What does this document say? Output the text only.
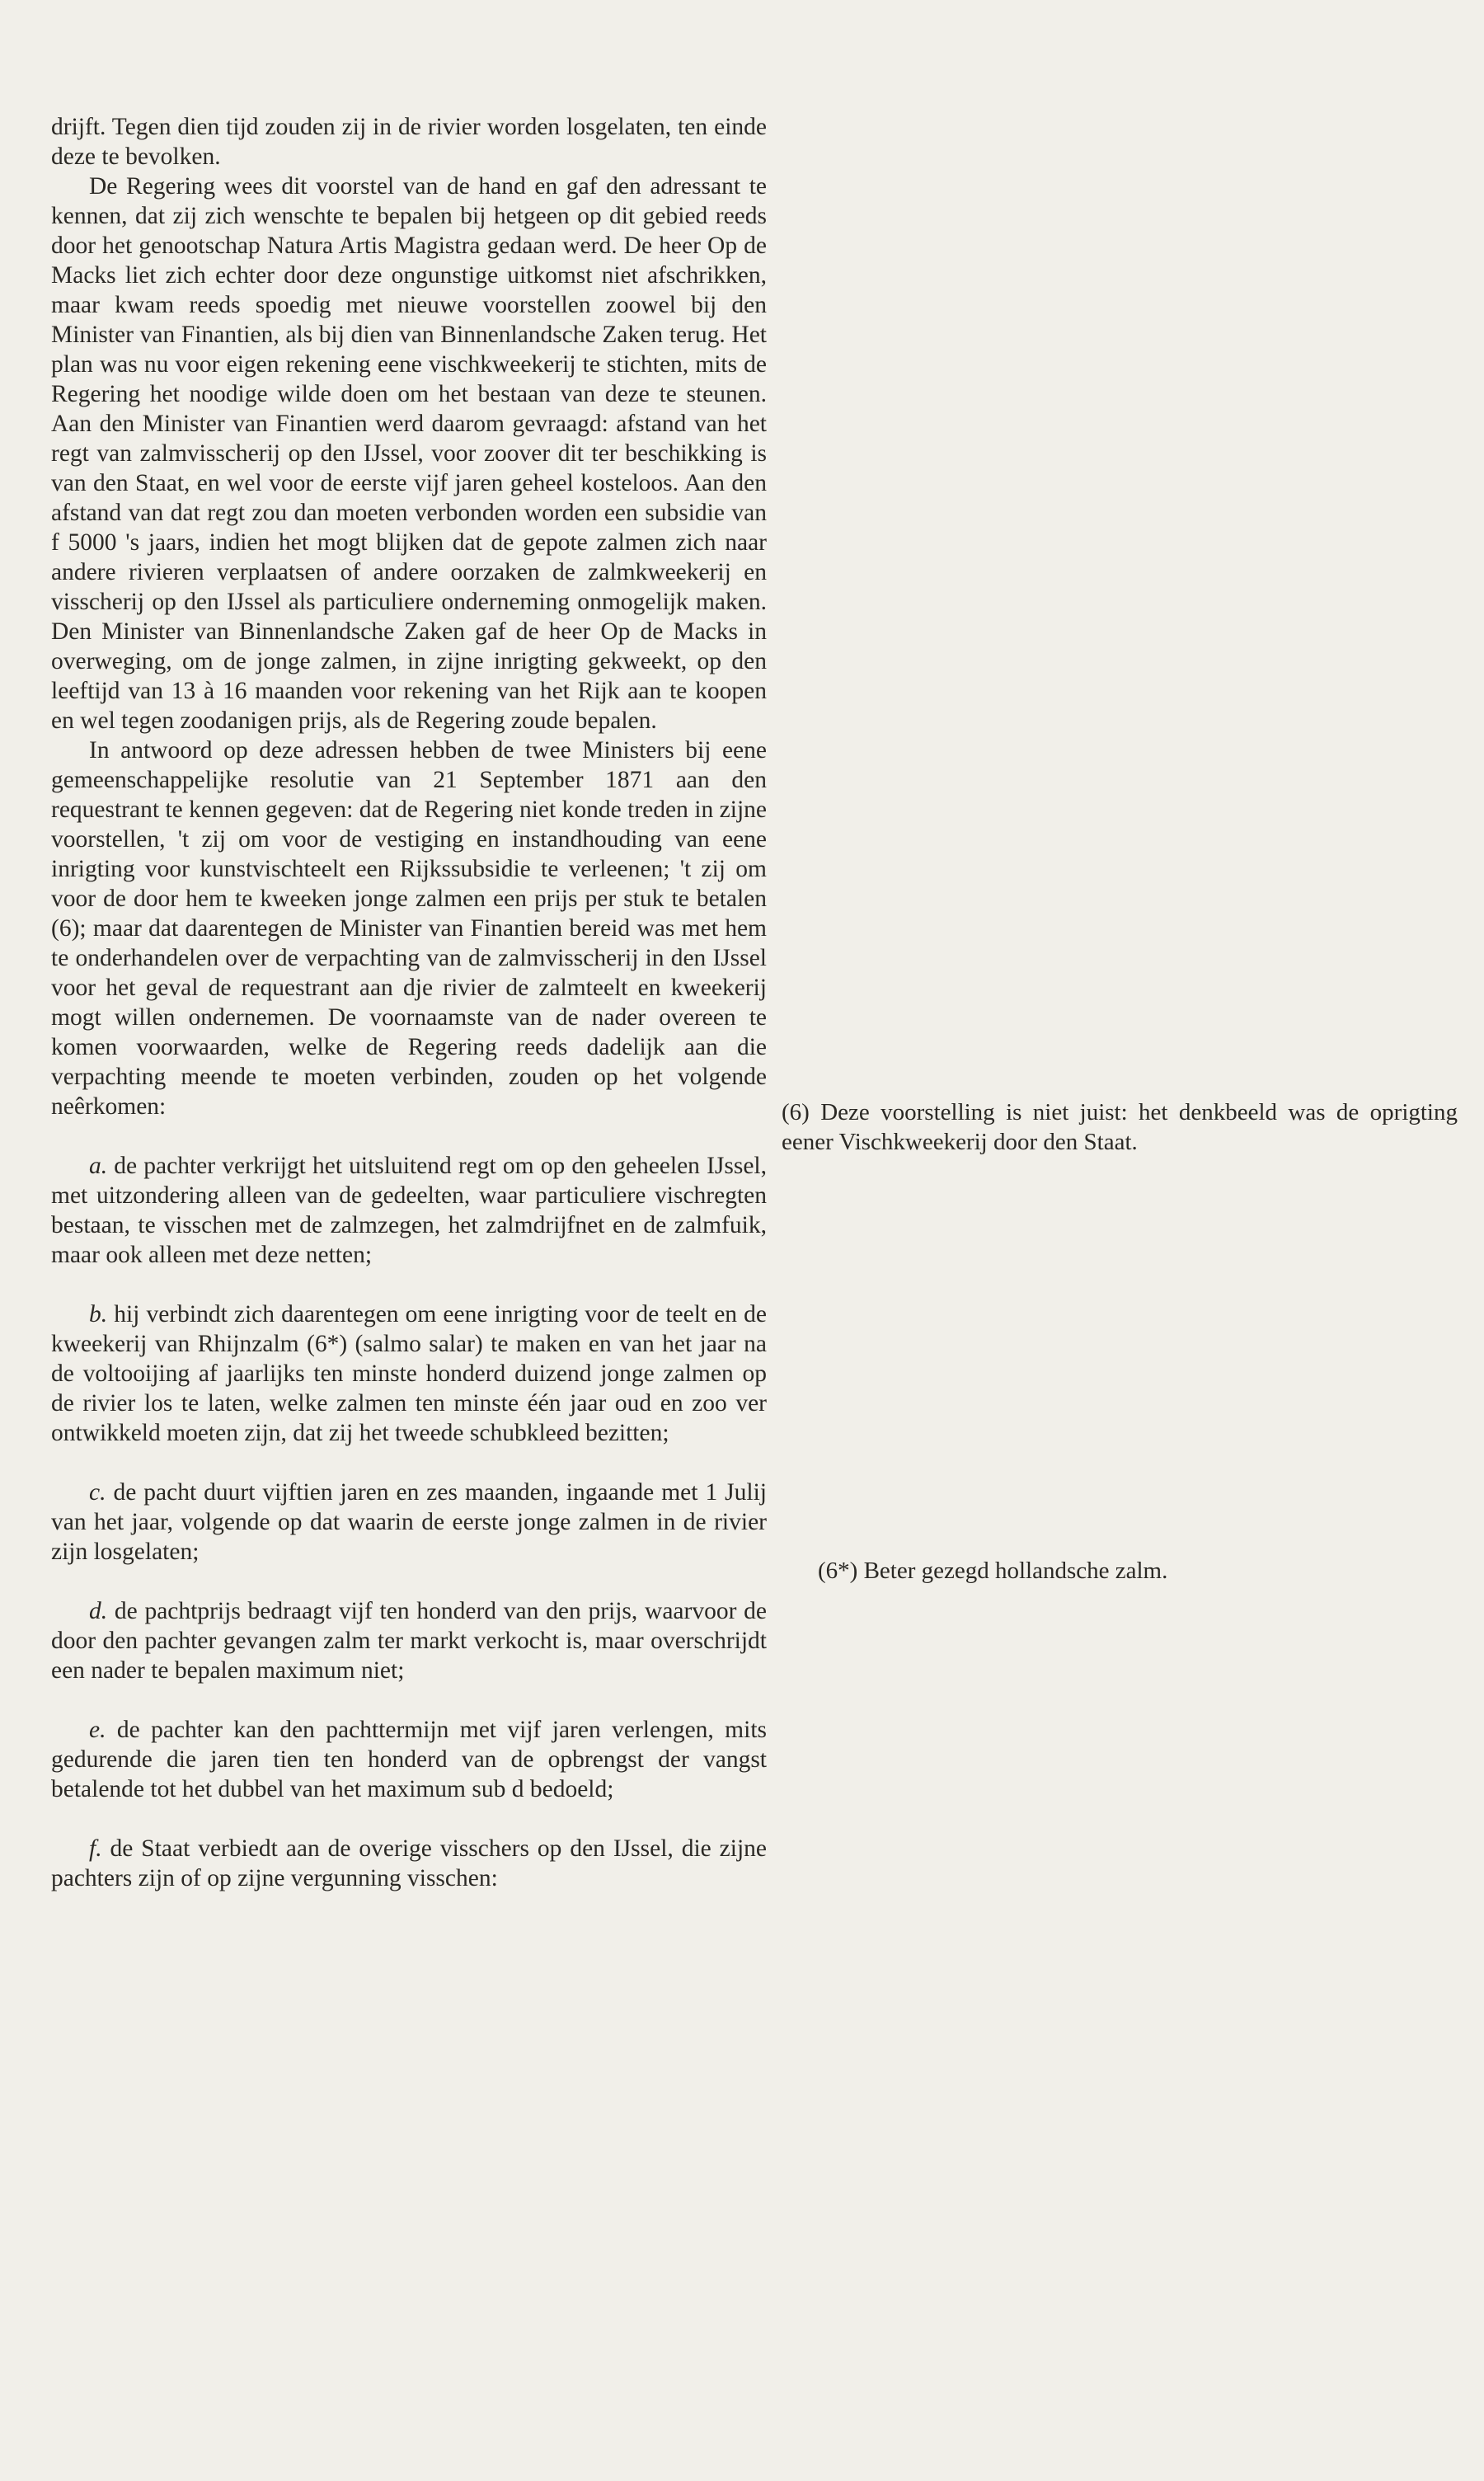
drijft. Tegen dien tijd zouden zij in de rivier worden losgelaten, ten einde deze te bevolken.

De Regering wees dit voorstel van de hand en gaf den adressant te kennen, dat zij zich wenschte te bepalen bij hetgeen op dit gebied reeds door het genootschap Natura Artis Magistra gedaan werd. De heer Op de Macks liet zich echter door deze ongunstige uitkomst niet afschrikken, maar kwam reeds spoedig met nieuwe voorstellen zoowel bij den Minister van Finantien, als bij dien van Binnenlandsche Zaken terug. Het plan was nu voor eigen rekening eene vischkweekerij te stichten, mits de Regering het noodige wilde doen om het bestaan van deze te steunen. Aan den Minister van Finantien werd daarom gevraagd: afstand van het regt van zalmvisscherij op den IJssel, voor zoover dit ter beschikking is van den Staat, en wel voor de eerste vijf jaren geheel kosteloos. Aan den afstand van dat regt zou dan moeten verbonden worden een subsidie van f 5000 's jaars, indien het mogt blijken dat de gepote zalmen zich naar andere rivieren verplaatsen of andere oorzaken de zalmkweekerij en visscherij op den IJssel als particuliere onderneming onmogelijk maken. Den Minister van Binnenlandsche Zaken gaf de heer Op de Macks in overweging, om de jonge zalmen, in zijne inrigting gekweekt, op den leeftijd van 13 à 16 maanden voor rekening van het Rijk aan te koopen en wel tegen zoodanigen prijs, als de Regering zoude bepalen.

In antwoord op deze adressen hebben de twee Ministers bij eene gemeenschappelijke resolutie van 21 September 1871 aan den requestrant te kennen gegeven: dat de Regering niet konde treden in zijne voorstellen, 't zij om voor de vestiging en instandhouding van eene inrigting voor kunstvischteelt een Rijkssubsidie te verleenen; 't zij om voor de door hem te kweeken jonge zalmen een prijs per stuk te betalen (6); maar dat daarentegen de Minister van Finantien bereid was met hem te onderhandelen over de verpachting van de zalmvisscherij in den IJssel voor het geval de requestrant aan dje rivier de zalmteelt en kweekerij mogt willen ondernemen. De voornaamste van de nader overeen te komen voorwaarden, welke de Regering reeds dadelijk aan die verpachting meende te moeten verbinden, zouden op het volgende neêrkomen:

a. de pachter verkrijgt het uitsluitend regt om op den geheelen IJssel, met uitzondering alleen van de gedeelten, waar particuliere vischregten bestaan, te visschen met de zalmzegen, het zalmdrijfnet en de zalmfuik, maar ook alleen met deze netten;

b. hij verbindt zich daarentegen om eene inrigting voor de teelt en de kweekerij van Rhijnzalm (6*) (salmo salar) te maken en van het jaar na de voltooijing af jaarlijks ten minste honderd duizend jonge zalmen op de rivier los te laten, welke zalmen ten minste één jaar oud en zoo ver ontwikkeld moeten zijn, dat zij het tweede schubkleed bezitten;

c. de pacht duurt vijftien jaren en zes maanden, ingaande met 1 Julij van het jaar, volgende op dat waarin de eerste jonge zalmen in de rivier zijn losgelaten;

d. de pachtprijs bedraagt vijf ten honderd van den prijs, waarvoor de door den pachter gevangen zalm ter markt verkocht is, maar overschrijdt een nader te bepalen maximum niet;

e. de pachter kan den pachttermijn met vijf jaren verlengen, mits gedurende die jaren tien ten honderd van de opbrengst der vangst betalende tot het dubbel van het maximum sub d bedoeld;

f. de Staat verbiedt aan de overige visschers op den IJssel, die zijne pachters zijn of op zijne vergunning visschen:

(6) Deze voorstelling is niet juist: het denkbeeld was de oprigting eener Vischkweekerij door den Staat.
(6*) Beter gezegd hollandsche zalm.
